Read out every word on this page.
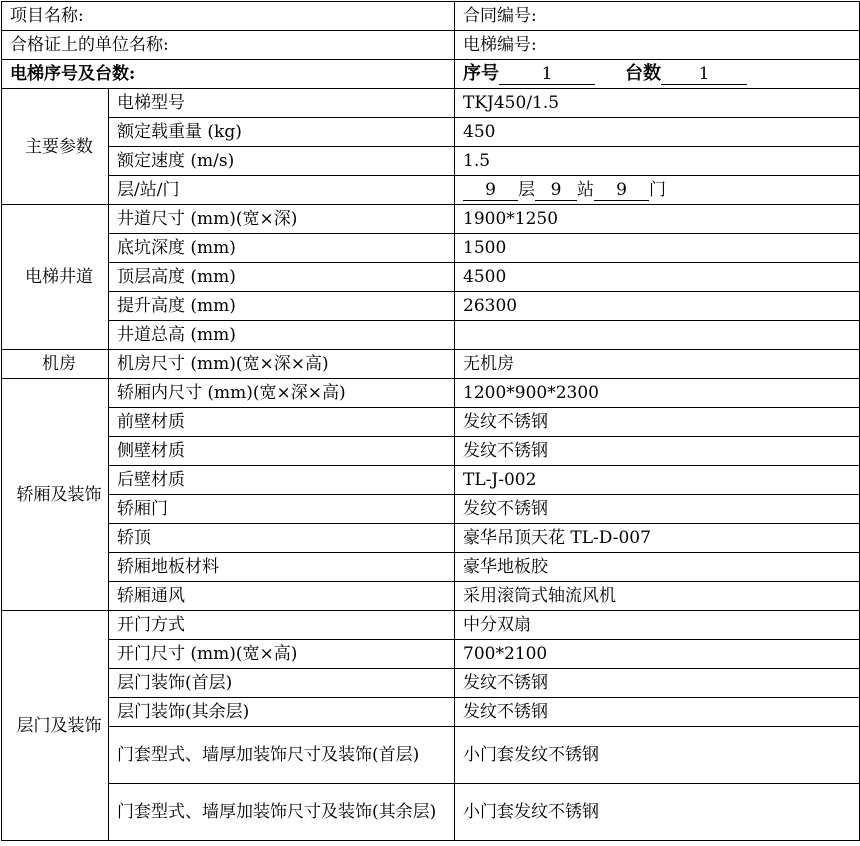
项目名称:		合同编号:
合格证上的单位名称:		电梯编号:
电梯序号及台数:		序号 1 台数 1
主要参数	电梯型号	TKJ450/1.5
	额定载重量 (kg)	450
	额定速度 (m/s)	1.5
	层/站/门	9 层 9 站 9 门
电梯井道	井道尺寸 (mm)(宽×深)	1900*1250
	底坑深度 (mm)	1500
	顶层高度 (mm)	4500
	提升高度 (mm)	26300
	井道总高 (mm)	
机房	机房尺寸 (mm)(宽×深×高)	无机房
轿厢及装饰	轿厢内尺寸 (mm)(宽×深×高)	1200*900*2300
	前壁材质	发纹不锈钢
	侧壁材质	发纹不锈钢
	后壁材质	TL-J-002
	轿厢门	发纹不锈钢
	轿顶	豪华吊顶天花 TL-D-007
	轿厢地板材料	豪华地板胶
	轿厢通风	采用滚筒式轴流风机
层门及装饰	开门方式	中分双扇
	开门尺寸 (mm)(宽×高)	700*2100
	层门装饰(首层)	发纹不锈钢
	层门装饰(其余层)	发纹不锈钢
	门套型式、墙厚加装饰尺寸及装饰(首层)	小门套发纹不锈钢
	门套型式、墙厚加装饰尺寸及装饰(其余层)	小门套发纹不锈钢
